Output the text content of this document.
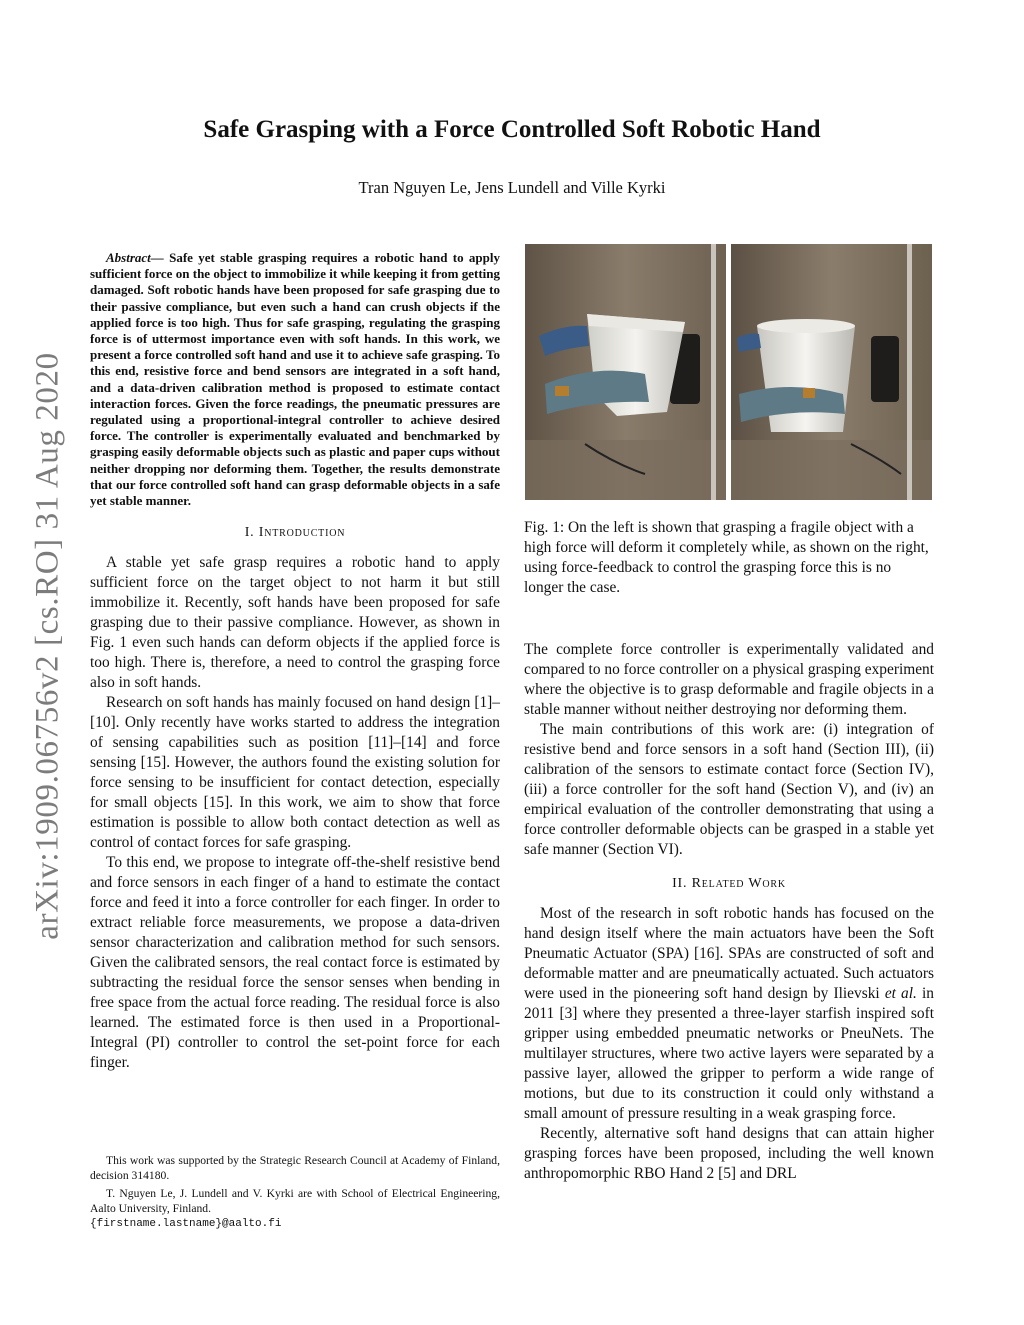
arXiv:1909.06756v2 [cs.RO] 31 Aug 2020
Safe Grasping with a Force Controlled Soft Robotic Hand

Tran Nguyen Le, Jens Lundell and Ville Kyrki

Abstract— Safe yet stable grasping requires a robotic hand to apply sufficient force on the object to immobilize it while keeping it from getting damaged. Soft robotic hands have been proposed for safe grasping due to their passive compliance, but even such a hand can crush objects if the applied force is too high. Thus for safe grasping, regulating the grasping force is of uttermost importance even with soft hands. In this work, we present a force controlled soft hand and use it to achieve safe grasping. To this end, resistive force and bend sensors are integrated in a soft hand, and a data-driven calibration method is proposed to estimate contact interaction forces. Given the force readings, the pneumatic pressures are regulated using a proportional-integral controller to achieve desired force. The controller is experimentally evaluated and benchmarked by grasping easily deformable objects such as plastic and paper cups without neither dropping nor deforming them. Together, the results demonstrate that our force controlled soft hand can grasp deformable objects in a safe yet stable manner.

I. Introduction

A stable yet safe grasp requires a robotic hand to apply sufficient force on the target object to not harm it but still immobilize it. Recently, soft hands have been proposed for safe grasping due to their passive compliance. However, as shown in Fig. 1 even such hands can deform objects if the applied force is too high. There is, therefore, a need to control the grasping force also in soft hands.

Research on soft hands has mainly focused on hand design [1]–[10]. Only recently have works started to address the integration of sensing capabilities such as position [11]–[14] and force sensing [15]. However, the authors found the existing solution for force sensing to be insufficient for contact detection, especially for small objects [15]. In this work, we aim to show that force estimation is possible to allow both contact detection as well as control of contact forces for safe grasping.

To this end, we propose to integrate off-the-shelf resistive bend and force sensors in each finger of a hand to estimate the contact force and feed it into a force controller for each finger. In order to extract reliable force measurements, we propose a data-driven sensor characterization and calibration method for such sensors. Given the calibrated sensors, the real contact force is estimated by subtracting the residual force the sensor senses when bending in free space from the actual force reading. The residual force is also learned. The estimated force is then used in a Proportional-Integral (PI) controller to control the set-point force for each finger.

This work was supported by the Strategic Research Council at Academy of Finland, decision 314180.

T. Nguyen Le, J. Lundell and V. Kyrki are with School of Electrical Engineering, Aalto University, Finland.
{firstname.lastname}@aalto.fi

Fig. 1: On the left is shown that grasping a fragile object with a high force will deform it completely while, as shown on the right, using force-feedback to control the grasping force this is no longer the case.

The complete force controller is experimentally validated and compared to no force controller on a physical grasping experiment where the objective is to grasp deformable and fragile objects in a stable manner without neither destroying nor deforming them.

The main contributions of this work are: (i) integration of resistive bend and force sensors in a soft hand (Section III), (ii) calibration of the sensors to estimate contact force (Section IV), (iii) a force controller for the soft hand (Section V), and (iv) an empirical evaluation of the controller demonstrating that using a force controller deformable objects can be grasped in a stable yet safe manner (Section VI).

II. Related Work

Most of the research in soft robotic hands has focused on the hand design itself where the main actuators have been the Soft Pneumatic Actuator (SPA) [16]. SPAs are constructed of soft and deformable matter and are pneumatically actuated. Such actuators were used in the pioneering soft hand design by Ilievski et al. in 2011 [3] where they presented a three-layer starfish inspired soft gripper using embedded pneumatic networks or PneuNets. The multilayer structures, where two active layers were separated by a passive layer, allowed the gripper to perform a wide range of motions, but due to its construction it could only withstand a small amount of pressure resulting in a weak grasping force.

Recently, alternative soft hand designs that can attain higher grasping forces have been proposed, including the well known anthropomorphic RBO Hand 2 [5] and DRL
